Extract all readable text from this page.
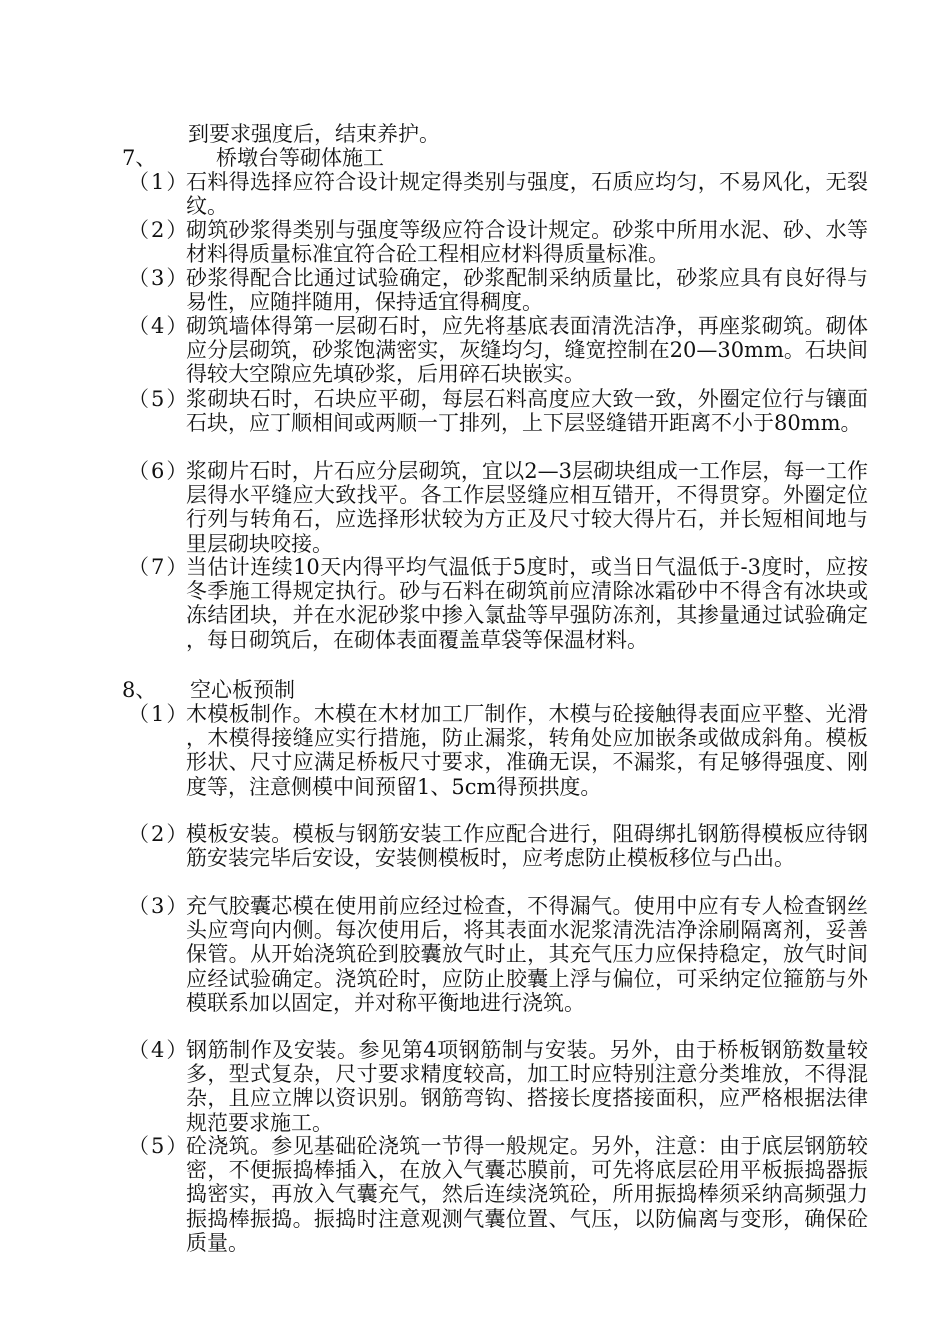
到要求强度后，结束养护。
7、	桥墩台等砌体施工
（1）
石料得选择应符合设计规定得类别与强度，石质应均匀，不易风化，无裂纹。
（2）
砌筑砂浆得类别与强度等级应符合设计规定。砂浆中所用水泥、砂、水等材料得质量标准宜符合砼工程相应材料得质量标准。
（3）
砂浆得配合比通过试验确定，砂浆配制采纳质量比，砂浆应具有良好得与易性，应随拌随用，保持适宜得稠度。
（4）
砌筑墙体得第一层砌石时，应先将基底表面清洗洁净，再座浆砌筑。砌体应分层砌筑，砂浆饱满密实，灰缝均匀，缝宽控制在20—30mm。石块间得较大空隙应先填砂浆，后用碎石块嵌实。
（5）
浆砌块石时，石块应平砌，每层石料高度应大致一致，外圈定位行与镶面石块，应丁顺相间或两顺一丁排列，上下层竖缝错开距离不小于80mm。
（6）
浆砌片石时，片石应分层砌筑，宜以2—3层砌块组成一工作层，每一工作层得水平缝应大致找平。各工作层竖缝应相互错开，不得贯穿。外圈定位行列与转角石，应选择形状较为方正及尺寸较大得片石，并长短相间地与里层砌块咬接。
（7）
当估计连续10天内得平均气温低于5度时，或当日气温低于-3度时，应按冬季施工得规定执行。砂与石料在砌筑前应清除冰霜砂中不得含有冰块或冻结团块，并在水泥砂浆中掺入氯盐等早强防冻剂，其掺量通过试验确定，每日砌筑后，在砌体表面覆盖草袋等保温材料。
8、 空心板预制
（1）
木模板制作。木模在木材加工厂制作，木模与砼接触得表面应平整、光滑，木模得接缝应实行措施，防止漏浆，转角处应加嵌条或做成斜角。模板形状、尺寸应满足桥板尺寸要求，准确无误，不漏浆，有足够得强度、刚度等，注意侧模中间预留1、5cm得预拱度。
（2）
模板安装。模板与钢筋安装工作应配合进行，阻碍绑扎钢筋得模板应待钢筋安装完毕后安设，安装侧模板时，应考虑防止模板移位与凸出。
（3）
充气胶囊芯模在使用前应经过检查，不得漏气。使用中应有专人检查钢丝头应弯向内侧。每次使用后，将其表面水泥浆清洗洁净涂刷隔离剂，妥善保管。从开始浇筑砼到胶囊放气时止，其充气压力应保持稳定，放气时间应经试验确定。浇筑砼时，应防止胶囊上浮与偏位，可采纳定位箍筋与外模联系加以固定，并对称平衡地进行浇筑。
（4）
钢筋制作及安装。参见第4项钢筋制与安装。另外，由于桥板钢筋数量较多，型式复杂，尺寸要求精度较高，加工时应特别注意分类堆放，不得混杂，且应立牌以资识别。钢筋弯钩、搭接长度搭接面积，应严格根据法律规范要求施工。
（5）
砼浇筑。参见基础砼浇筑一节得一般规定。另外，注意：由于底层钢筋较密，不便振捣棒插入，在放入气囊芯膜前，可先将底层砼用平板振捣器振捣密实，再放入气囊充气，然后连续浇筑砼，所用振捣棒须采纳高频强力振捣棒振捣。振捣时注意观测气囊位置、气压，以防偏离与变形，确保砼质量。
